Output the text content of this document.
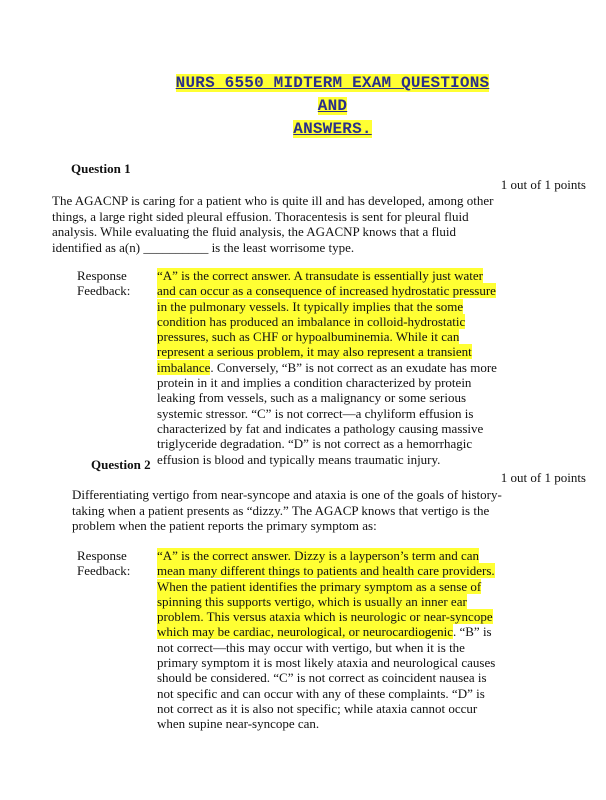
NURS 6550 MIDTERM EXAM QUESTIONS AND
ANSWERS.
Question 1
1 out of 1 points
The AGACNP is caring for a patient who is quite ill and has developed, among other things, a large right sided pleural effusion. Thoracentesis is sent for pleural fluid analysis. While evaluating the fluid analysis, the AGACNP knows that a fluid identified as a(n) __________ is the least worrisome type.
Response
Feedback:
“A” is the correct answer. A transudate is essentially just water and can occur as a consequence of increased hydrostatic pressure in the pulmonary vessels. It typically implies that the some condition has produced an imbalance in colloid-hydrostatic pressures, such as CHF or hypoalbuminemia. While it can represent a serious problem, it may also represent a transient imbalance. Conversely, “B” is not correct as an exudate has more protein in it and implies a condition characterized by protein leaking from vessels, such as a malignancy or some serious systemic stressor. “C” is not correct—a chyliform effusion is characterized by fat and indicates a pathology causing massive triglyceride degradation. “D” is not correct as a hemorrhagic effusion is blood and typically means traumatic injury.
Question 2
1 out of 1 points
Differentiating vertigo from near-syncope and ataxia is one of the goals of history-taking when a patient presents as “dizzy.” The AGACP knows that vertigo is the problem when the patient reports the primary symptom as:
Response
Feedback:
“A” is the correct answer. Dizzy is a layperson’s term and can mean many different things to patients and health care providers. When the patient identifies the primary symptom as a sense of spinning this supports vertigo, which is usually an inner ear problem. This versus ataxia which is neurologic or near-syncope which may be cardiac, neurological, or neurocardiogenic. “B” is not correct—this may occur with vertigo, but when it is the primary symptom it is most likely ataxia and neurological causes should be considered. “C” is not correct as coincident nausea is not specific and can occur with any of these complaints. “D” is not correct as it is also not specific; while ataxia cannot occur when supine near-syncope can.
